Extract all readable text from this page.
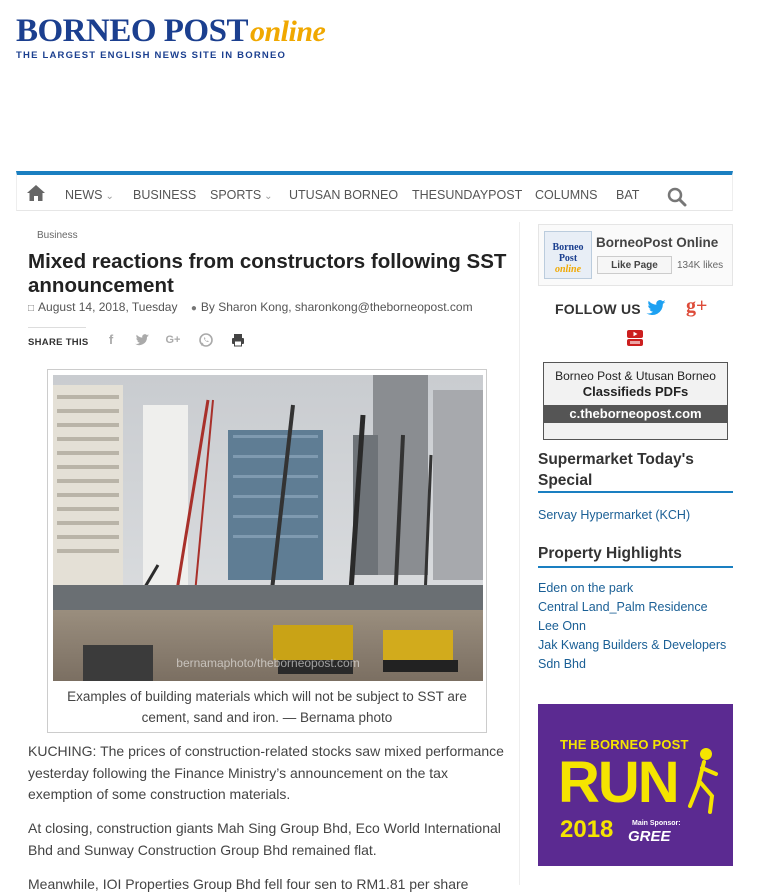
BORNEO POSTonline
THE LARGEST ENGLISH NEWS SITE IN BORNEO
NEWS ⌄ BUSINESS SPORTS ⌄ UTUSAN BORNEO THESUNDAYPOST COLUMNS BAT
Business
Mixed reactions from constructors following SST announcement
□ August 14, 2018, Tuesday ● By Sharon Kong, sharonkong@theborneopost.com
SHARE THIS	f	G+
bernamaphoto/theborneopost.com
Examples of building materials which will not be subject to SST are cement, sand and iron. — Bernama photo

KUCHING: The prices of construction-related stocks saw mixed performance yesterday following the Finance Ministry’s announcement on the tax exemption of some construction materials.

At closing, construction giants Mah Sing Group Bhd, Eco World International Bhd and Sunway Construction Group Bhd remained flat.

Meanwhile, IOI Properties Group Bhd fell four sen to RM1.81 per share

Borneo Post
online
BorneoPost Online
Like Page	134K likes
FOLLOW US g+
Borneo Post & Utusan Borneo
Classifieds PDFs
c.theborneopost.com
Supermarket Today's Special
Servay Hypermarket (KCH)
Property Highlights
Eden on the park
Central Land_Palm Residence
Lee Onn
Jak Kwang Builders & Developers
Sdn Bhd
THE BORNEO POST
RUN
2018	Main Sponsor:
GREE
